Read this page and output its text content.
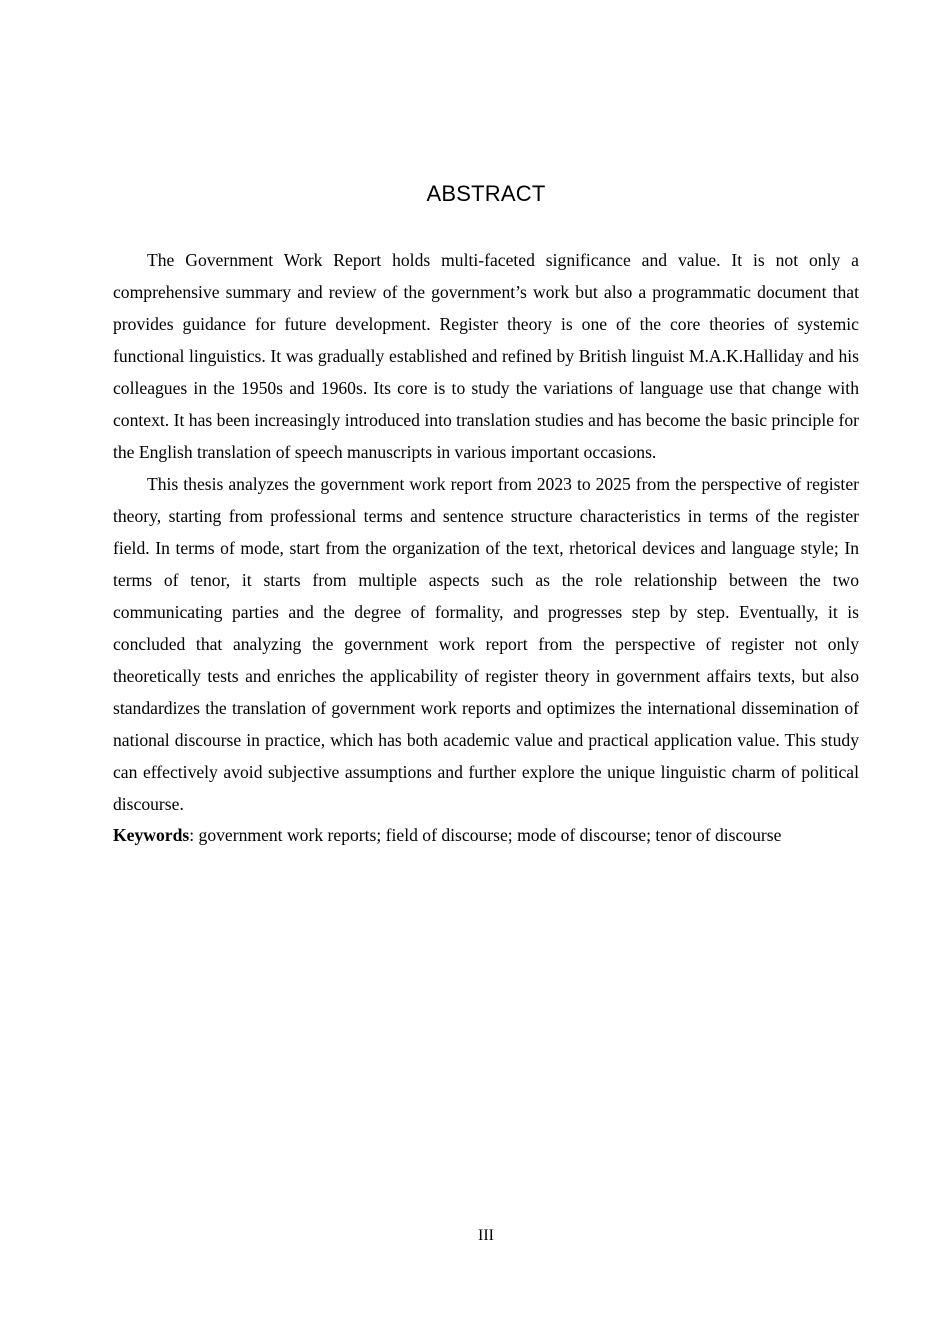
ABSTRACT

The Government Work Report holds multi-faceted significance and value. It is not only a comprehensive summary and review of the government’s work but also a programmatic document that provides guidance for future development. Register theory is one of the core theories of systemic functional linguistics. It was gradually established and refined by British linguist M.A.K.Halliday and his colleagues in the 1950s and 1960s. Its core is to study the variations of language use that change with context. It has been increasingly introduced into translation studies and has become the basic principle for the English translation of speech manuscripts in various important occasions.

This thesis analyzes the government work report from 2023 to 2025 from the perspective of register theory, starting from professional terms and sentence structure characteristics in terms of the register field. In terms of mode, start from the organization of the text, rhetorical devices and language style; In terms of tenor, it starts from multiple aspects such as the role relationship between the two communicating parties and the degree of formality, and progresses step by step. Eventually, it is concluded that analyzing the government work report from the perspective of register not only theoretically tests and enriches the applicability of register theory in government affairs texts, but also standardizes the translation of government work reports and optimizes the international dissemination of national discourse in practice, which has both academic value and practical application value. This study can effectively avoid subjective assumptions and further explore the unique linguistic charm of political discourse.

Keywords: government work reports; field of discourse; mode of discourse; tenor of discourse

III
